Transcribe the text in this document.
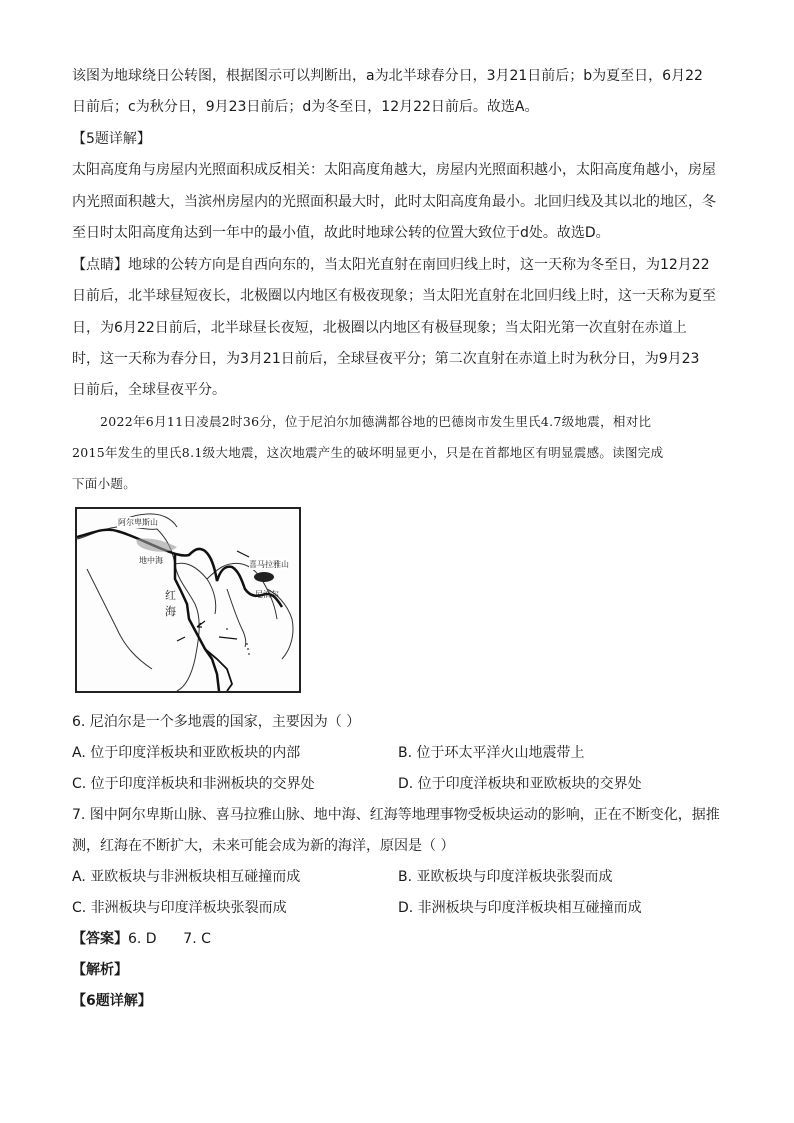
该图为地球绕日公转图，根据图示可以判断出，a为北半球春分日，3月21日前后；b为夏至日，6月22
日前后；c为秋分日，9月23日前后；d为冬至日，12月22日前后。故选A。
【5题详解】
太阳高度角与房屋内光照面积成反相关：太阳高度角越大，房屋内光照面积越小，太阳高度角越小，房屋
内光照面积越大，当滨州房屋内的光照面积最大时，此时太阳高度角最小。北回归线及其以北的地区，冬
至日时太阳高度角达到一年中的最小值，故此时地球公转的位置大致位于d处。故选D。
【点睛】地球的公转方向是自西向东的，当太阳光直射在南回归线上时，这一天称为冬至日，为12月22
日前后，北半球昼短夜长，北极圈以内地区有极夜现象；当太阳光直射在北回归线上时，这一天称为夏至
日，为6月22日前后，北半球昼长夜短，北极圈以内地区有极昼现象；当太阳光第一次直射在赤道上
时，这一天称为春分日，为3月21日前后，全球昼夜平分；第二次直射在赤道上时为秋分日，为9月23
日前后，全球昼夜平分。
2022年6月11日凌晨2时36分，位于尼泊尔加德满都谷地的巴德岗市发生里氏4.7级地震，相对比
2015年发生的里氏8.1级大地震，这次地震产生的破坏明显更小，只是在首都地区有明显震感。读图完成
下面小题。
阿尔卑斯山
地中海	喜马拉雅山
尼泊尔
红
海
6. 尼泊尔是一个多地震的国家，主要因为（ ）
A. 位于印度洋板块和亚欧板块的内部	B. 位于环太平洋火山地震带上
C. 位于印度洋板块和非洲板块的交界处	D. 位于印度洋板块和亚欧板块的交界处
7. 图中阿尔卑斯山脉、喜马拉雅山脉、地中海、红海等地理事物受板块运动的影响，正在不断变化，据推
测，红海在不断扩大，未来可能会成为新的海洋，原因是（ ）
A. 亚欧板块与非洲板块相互碰撞而成	B. 亚欧板块与印度洋板块张裂而成
C. 非洲板块与印度洋板块张裂而成	D. 非洲板块与印度洋板块相互碰撞而成
【答案】6. D      7. C
【解析】
【6题详解】
